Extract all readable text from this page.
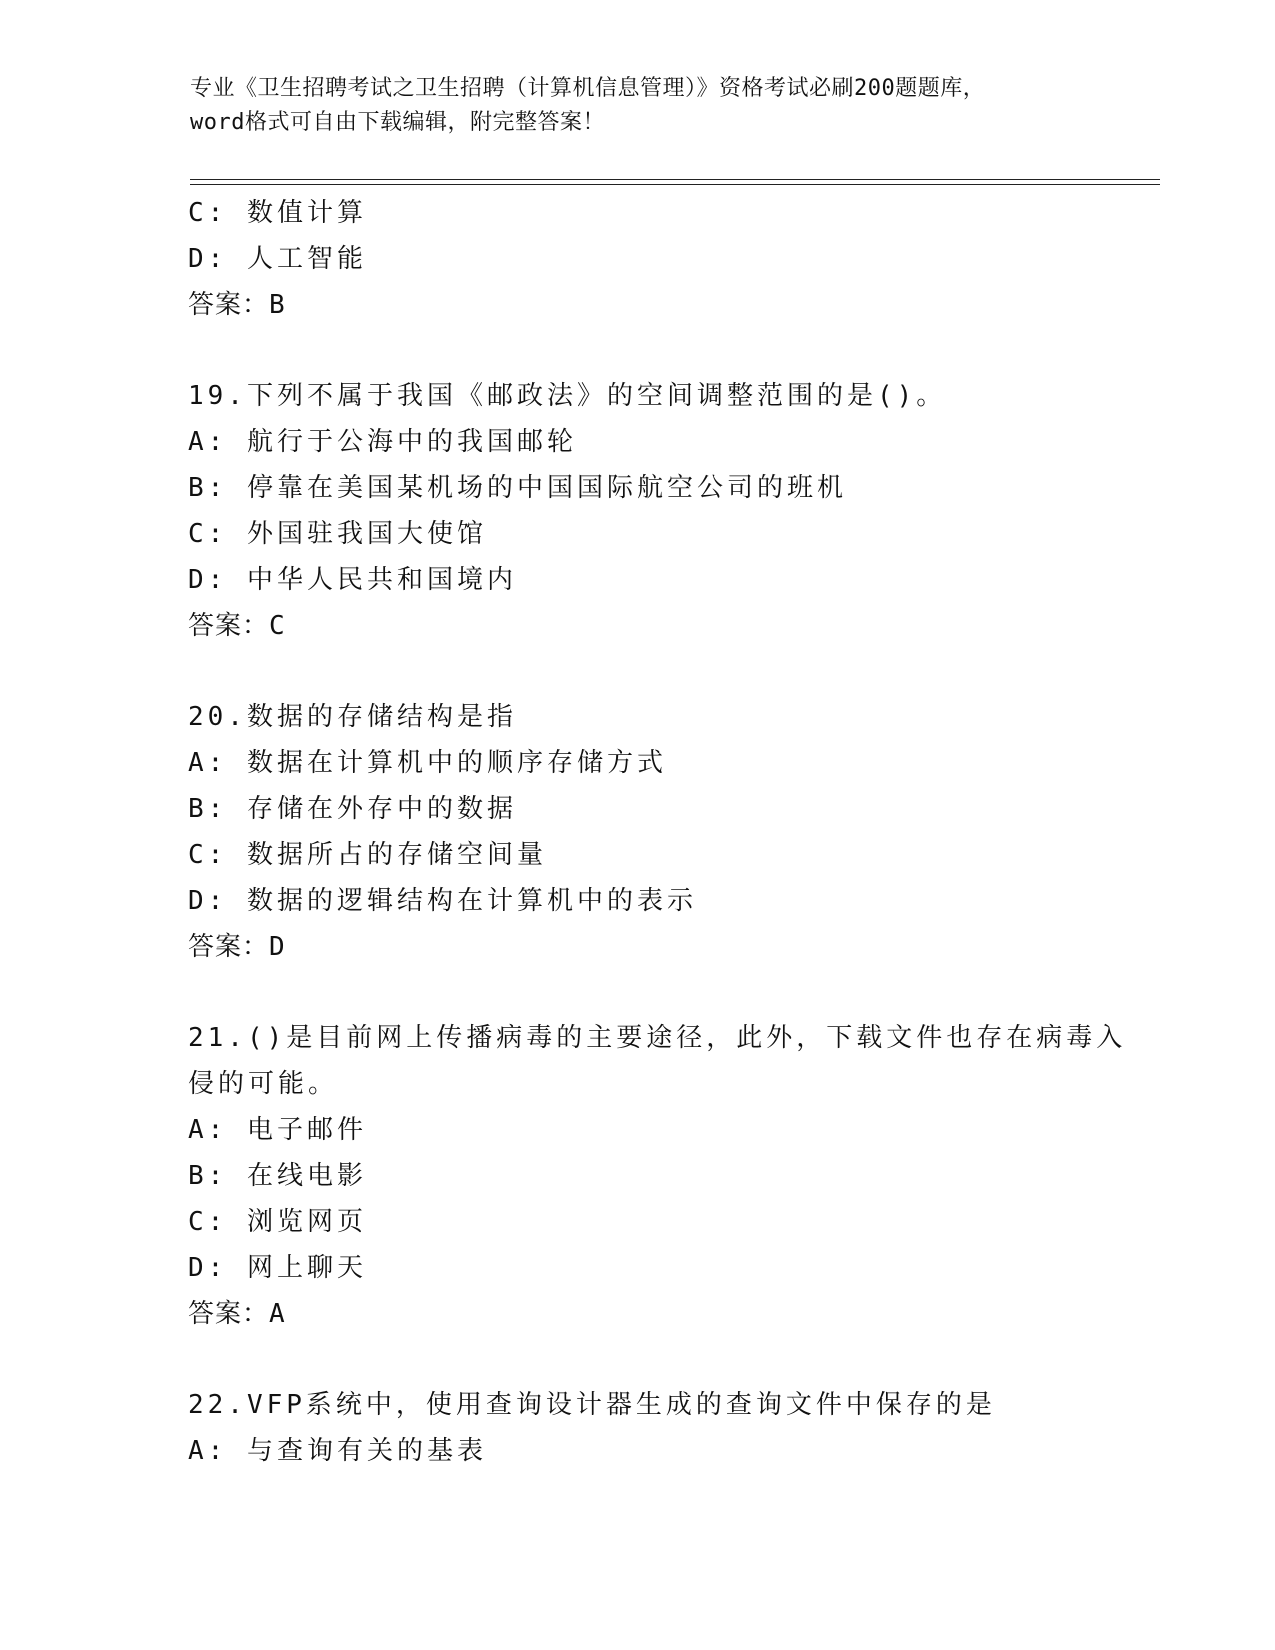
专业《卫生招聘考试之卫生招聘（计算机信息管理）》资格考试必刷200题题库，
word格式可自由下载编辑，附完整答案！
C: 数值计算
D: 人工智能
答案：B
19.下列不属于我国《邮政法》的空间调整范围的是()。
A: 航行于公海中的我国邮轮
B: 停靠在美国某机场的中国国际航空公司的班机
C: 外国驻我国大使馆
D: 中华人民共和国境内
答案：C
20.数据的存储结构是指
A: 数据在计算机中的顺序存储方式
B: 存储在外存中的数据
C: 数据所占的存储空间量
D: 数据的逻辑结构在计算机中的表示
答案：D
21.()是目前网上传播病毒的主要途径，此外，下载文件也存在病毒入
侵的可能。
A: 电子邮件
B: 在线电影
C: 浏览网页
D: 网上聊天
答案：A
22.VFP系统中，使用查询设计器生成的查询文件中保存的是
A: 与查询有关的基表
